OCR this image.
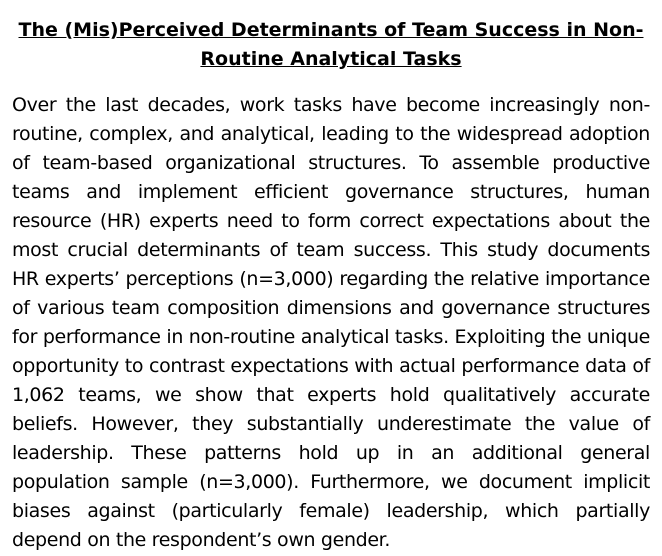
The (Mis)Perceived Determinants of Team Success in Non-Routine Analytical Tasks

Over the last decades, work tasks have become increasingly non-routine, complex, and analytical, leading to the widespread adoption of team-based organizational structures. To assemble productive teams and implement efficient governance structures, human resource (HR) experts need to form correct expectations about the most crucial determinants of team success. This study documents HR experts’ perceptions (n=3,000) regarding the relative importance of various team composition dimensions and governance structures for performance in non-routine analytical tasks. Exploiting the unique opportunity to contrast expectations with actual performance data of 1,062 teams, we show that experts hold qualitatively accurate beliefs. However, they substantially underestimate the value of leadership. These patterns hold up in an additional general population sample (n=3,000). Furthermore, we document implicit biases against (particularly female) leadership, which partially depend on the respondent’s own gender.
